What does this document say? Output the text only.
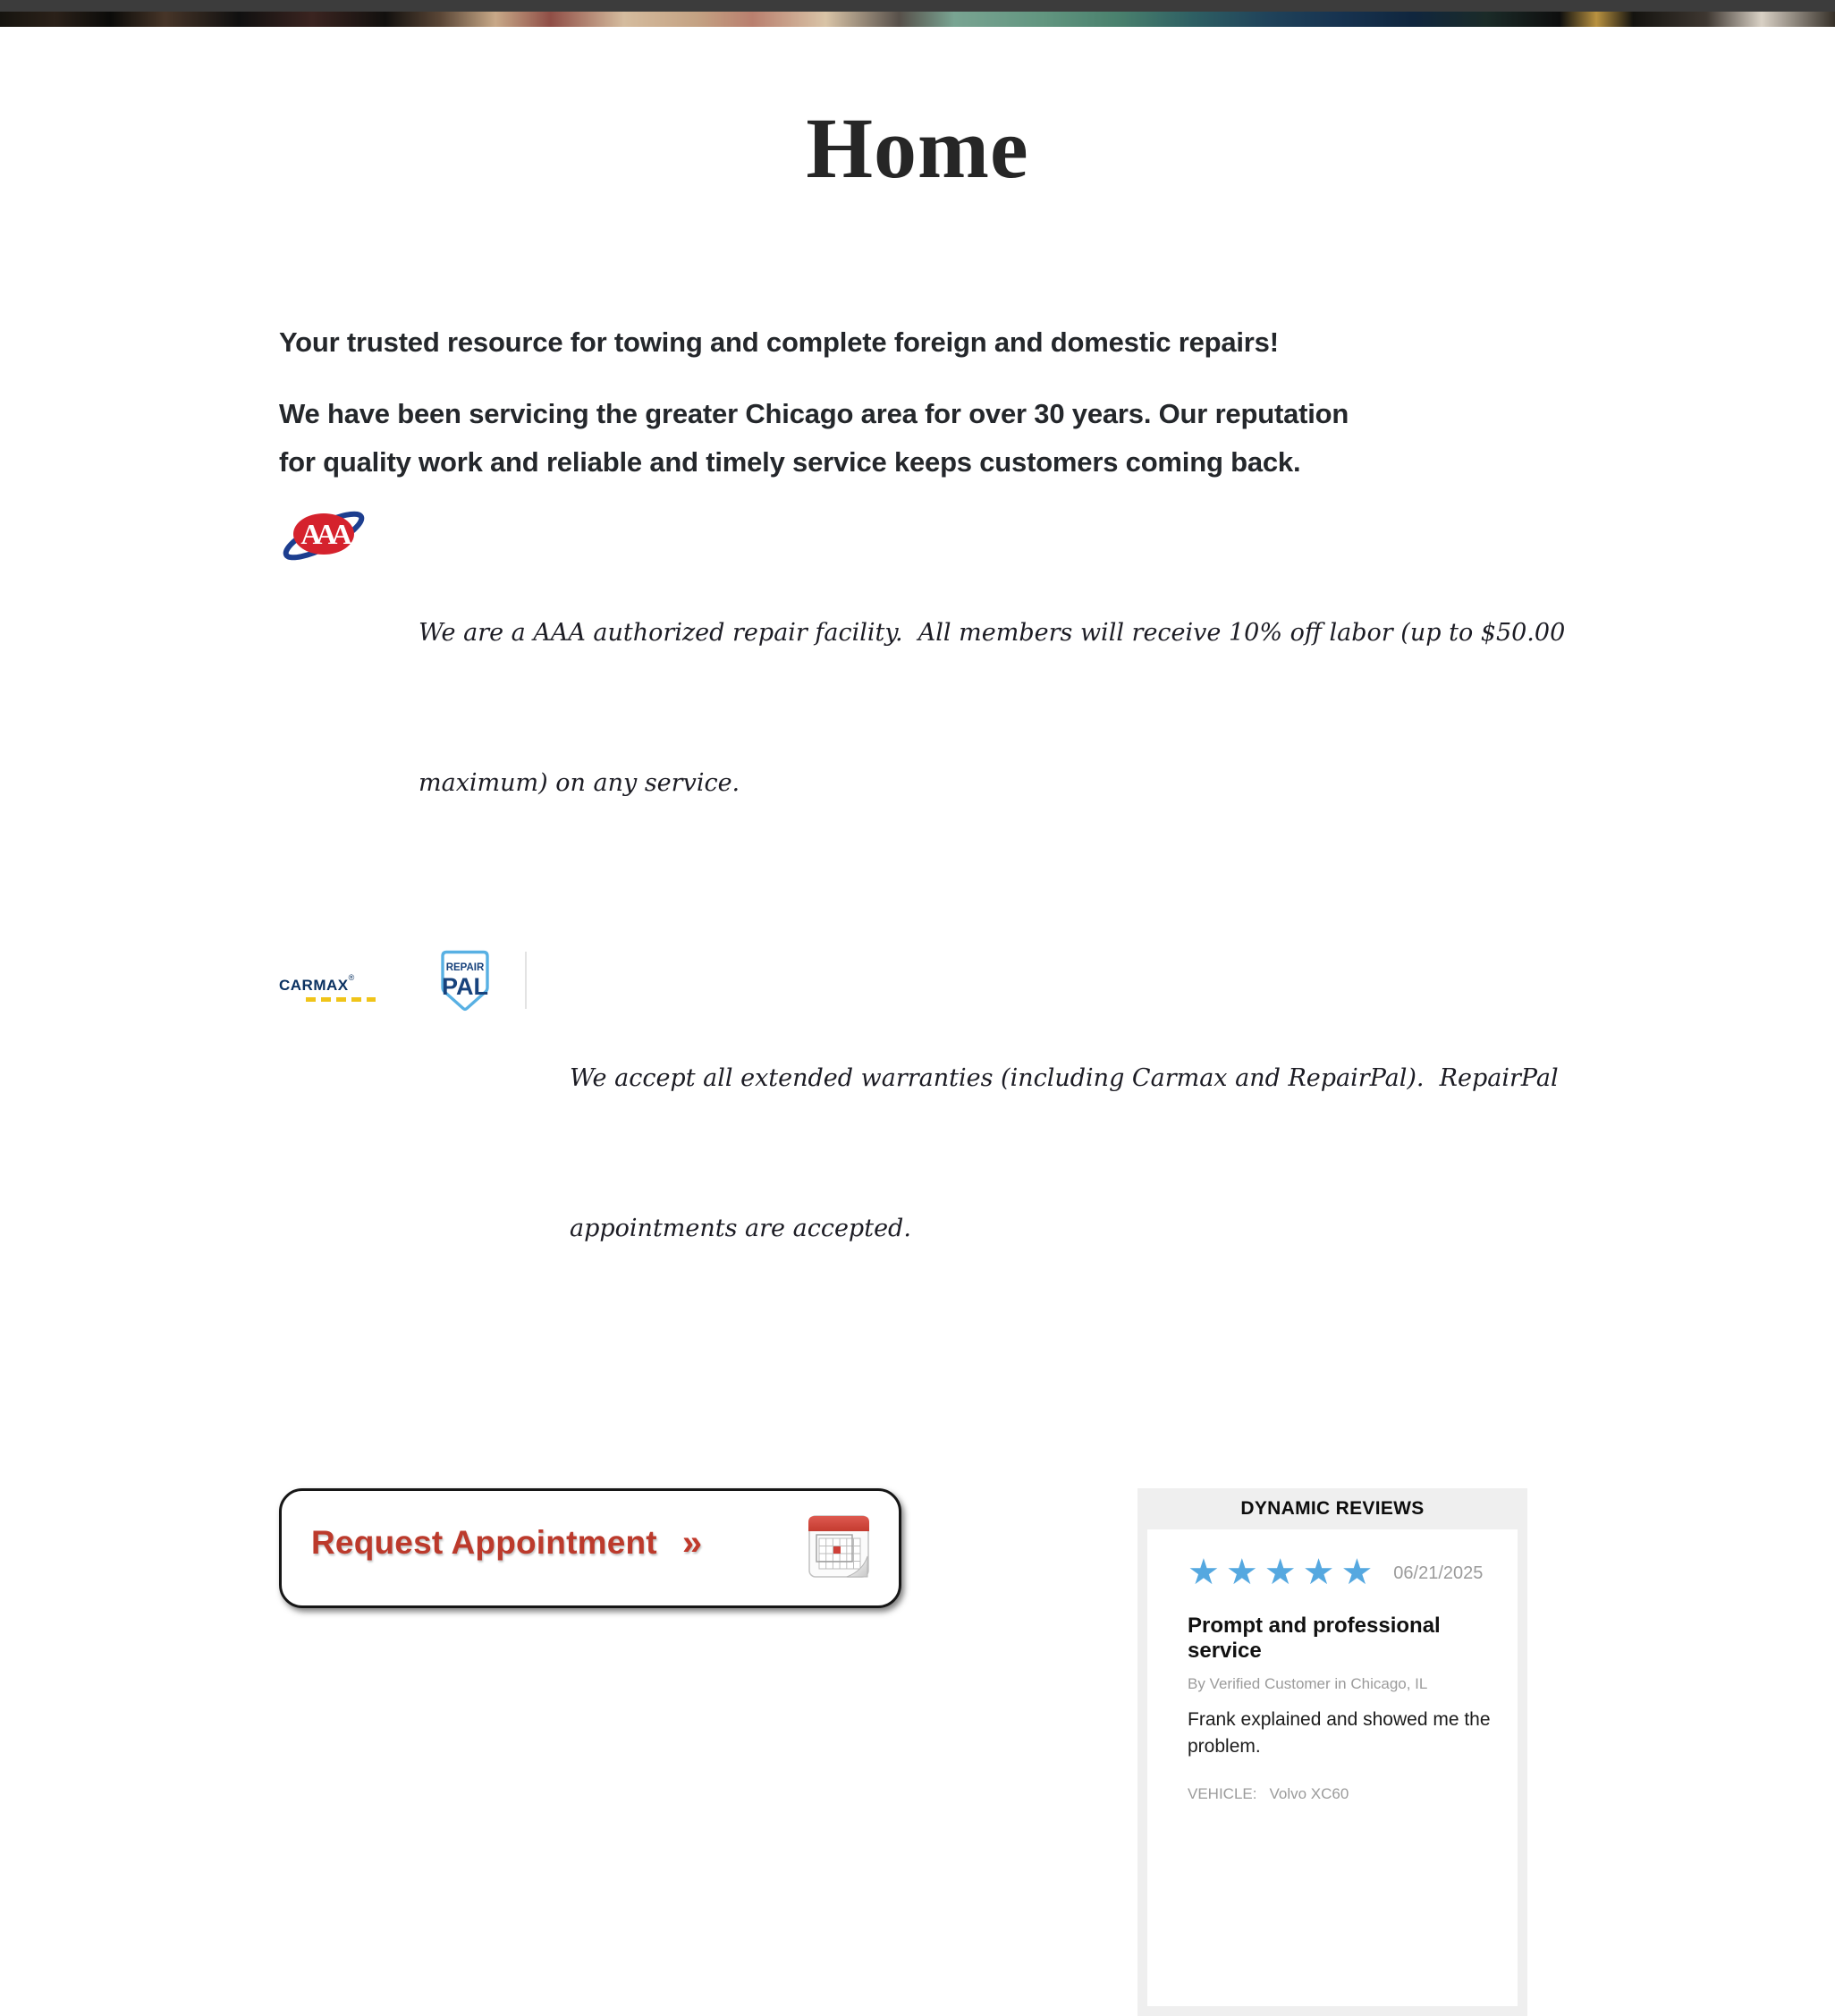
Home

Your trusted resource for towing and complete foreign and domestic repairs!

We have been servicing the greater Chicago area for over 30 years. Our reputation
for quality work and reliable and timely service keeps customers coming back.

AAA

We are a AAA authorized repair facility.  All members will receive 10% off labor (up to $50.00

maximum) on any service.

carmax®
REPAIR
PAL

We accept all extended warranties (including Carmax and RepairPal).  RepairPal

appointments are accepted.

Request Appointment »
DYNAMIC REVIEWS
★ ★ ★ ★ ★ 06/21/2025
Prompt and professional service
By Verified Customer in Chicago, IL
Frank explained and showed me the problem.
VEHICLE: Volvo XC60
